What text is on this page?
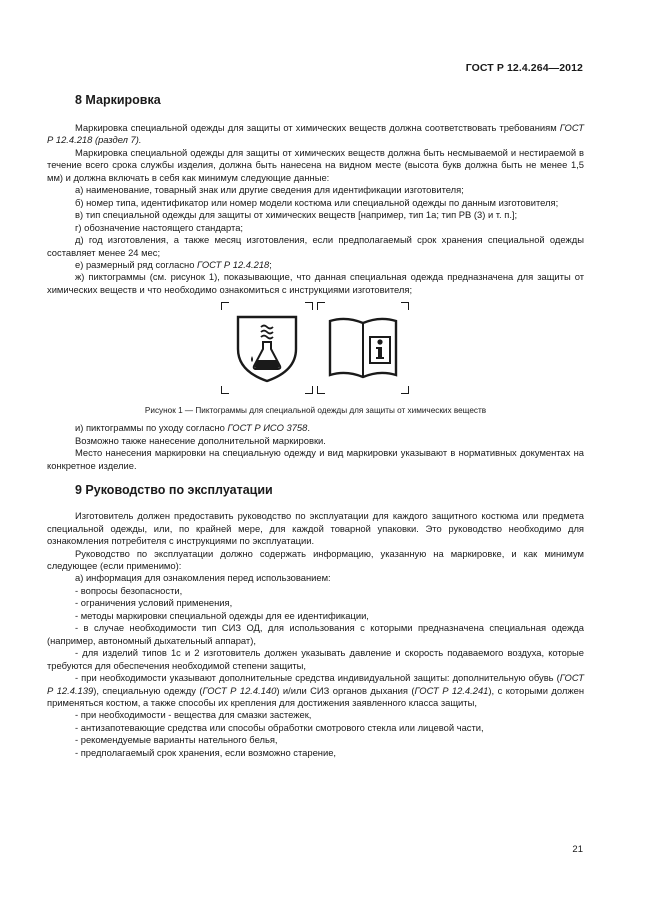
ГОСТ Р 12.4.264—2012
8 Маркировка

Маркировка специальной одежды для защиты от химических веществ должна соответствовать требованиям ГОСТ Р 12.4.218 (раздел 7).

Маркировка специальной одежды для защиты от химических веществ должна быть несмываемой и нестираемой в течение всего срока службы изделия, должна быть нанесена на видном месте (высота букв должна быть не менее 1,5 мм) и должна включать в себя как минимум следующие данные:

а) наименование, товарный знак или другие сведения для идентификации изготовителя;

б) номер типа, идентификатор или номер модели костюма или специальной одежды по данным изготовителя;

в) тип специальной одежды для защиты от химических веществ [например, тип 1а; тип PB (3) и т. п.];

г) обозначение настоящего стандарта;

д) год изготовления, а также месяц изготовления, если предполагаемый срок хранения специальной одежды составляет менее 24 мес;

е) размерный ряд согласно ГОСТ Р 12.4.218;

ж) пиктограммы (см. рисунок 1), показывающие, что данная специальная одежда предназначена для защиты от химических веществ и что необходимо ознакомиться с инструкциями изготовителя;

Рисунок 1 — Пиктограммы для специальной одежды для защиты от химических веществ

и) пиктограммы по уходу согласно ГОСТ Р ИСО 3758.

Возможно также нанесение дополнительной маркировки.

Место нанесения маркировки на специальную одежду и вид маркировки указывают в нормативных документах на конкретное изделие.

9 Руководство по эксплуатации

Изготовитель должен предоставить руководство по эксплуатации для каждого защитного костюма или предмета специальной одежды, или, по крайней мере, для каждой товарной упаковки. Это руководство необходимо для ознакомления потребителя с инструкциями по эксплуатации.

Руководство по эксплуатации должно содержать информацию, указанную на маркировке, и как минимум следующее (если применимо):

а) информация для ознакомления перед использованием:

- вопросы безопасности,

- ограничения условий применения,

- методы маркировки специальной одежды для ее идентификации,

- в случае необходимости тип СИЗ ОД, для использования с которыми предназначена специальная одежда (например, автономный дыхательный аппарат),

- для изделий типов 1с и 2 изготовитель должен указывать давление и скорость подаваемого воздуха, которые требуются для обеспечения необходимой степени защиты,

- при необходимости указывают дополнительные средства индивидуальной защиты: дополнительную обувь (ГОСТ Р 12.4.139), специальную одежду (ГОСТ Р 12.4.140) и/или СИЗ органов дыхания (ГОСТ Р 12.4.241), с которыми должен применяться костюм, а также способы их крепления для достижения заявленного класса защиты,

- при необходимости - вещества для смазки застежек,

- антизапотевающие средства или способы обработки смотрового стекла или лицевой части,

- рекомендуемые варианты нательного белья,

- предполагаемый срок хранения, если возможно старение,

21
